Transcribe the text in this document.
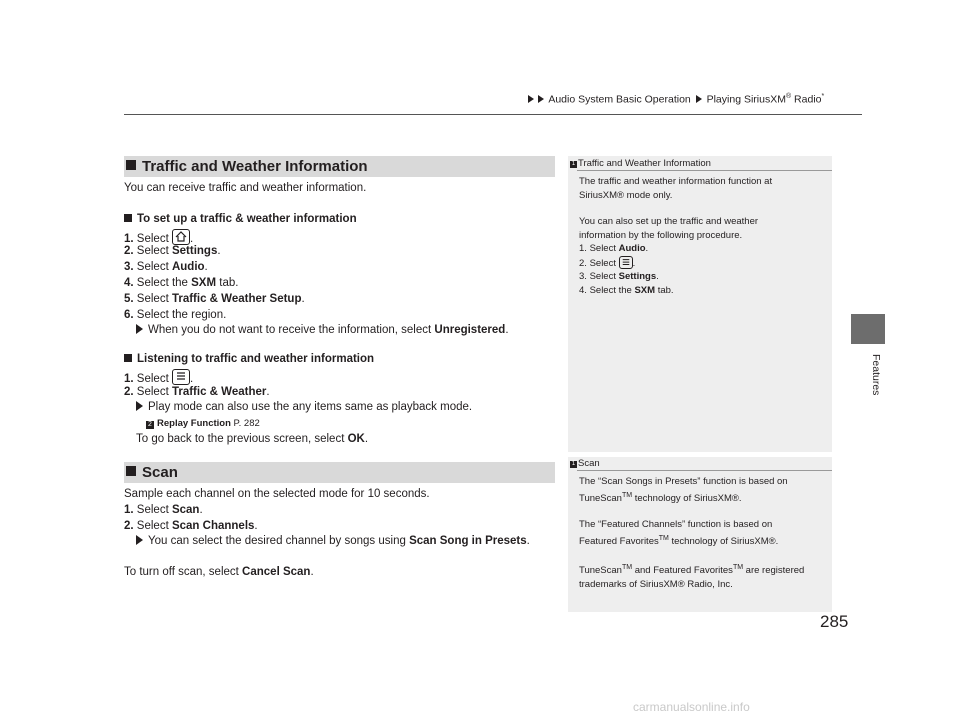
Audio System Basic Operation Playing SiriusXM® Radio*
Features
Traffic and Weather Information
You can receive traffic and weather information.
To set up a traffic & weather information
1. Select
.
2. Select Settings.
3. Select Audio.
4. Select the SXM tab.
5. Select Traffic & Weather Setup.
6. Select the region.
When you do not want to receive the information, select Unregistered.
Listening to traffic and weather information
1. Select
.
2. Select Traffic & Weather.
Play mode can also use the any items same as playback mode.
2 Replay Function P. 282
To go back to the previous screen, select OK.
Scan
Sample each channel on the selected mode for 10 seconds.
1. Select Scan.
2. Select Scan Channels.
You can select the desired channel by songs using Scan Song in Presets.
To turn off scan, select Cancel Scan.
1 Traffic and Weather Information
The traffic and weather information function at
SiriusXM® mode only.
You can also set up the traffic and weather
information by the following procedure.
1. Select Audio.
2. Select
.
3. Select Settings.
4. Select the SXM tab.
1 Scan
The “Scan Songs in Presets” function is based on
TuneScan™ technology of SiriusXM®.
The “Featured Channels” function is based on
Featured Favorites™ technology of SiriusXM®.
TuneScan™ and Featured Favorites™ are registered
trademarks of SiriusXM® Radio, Inc.
285
carmanualsonline.info
